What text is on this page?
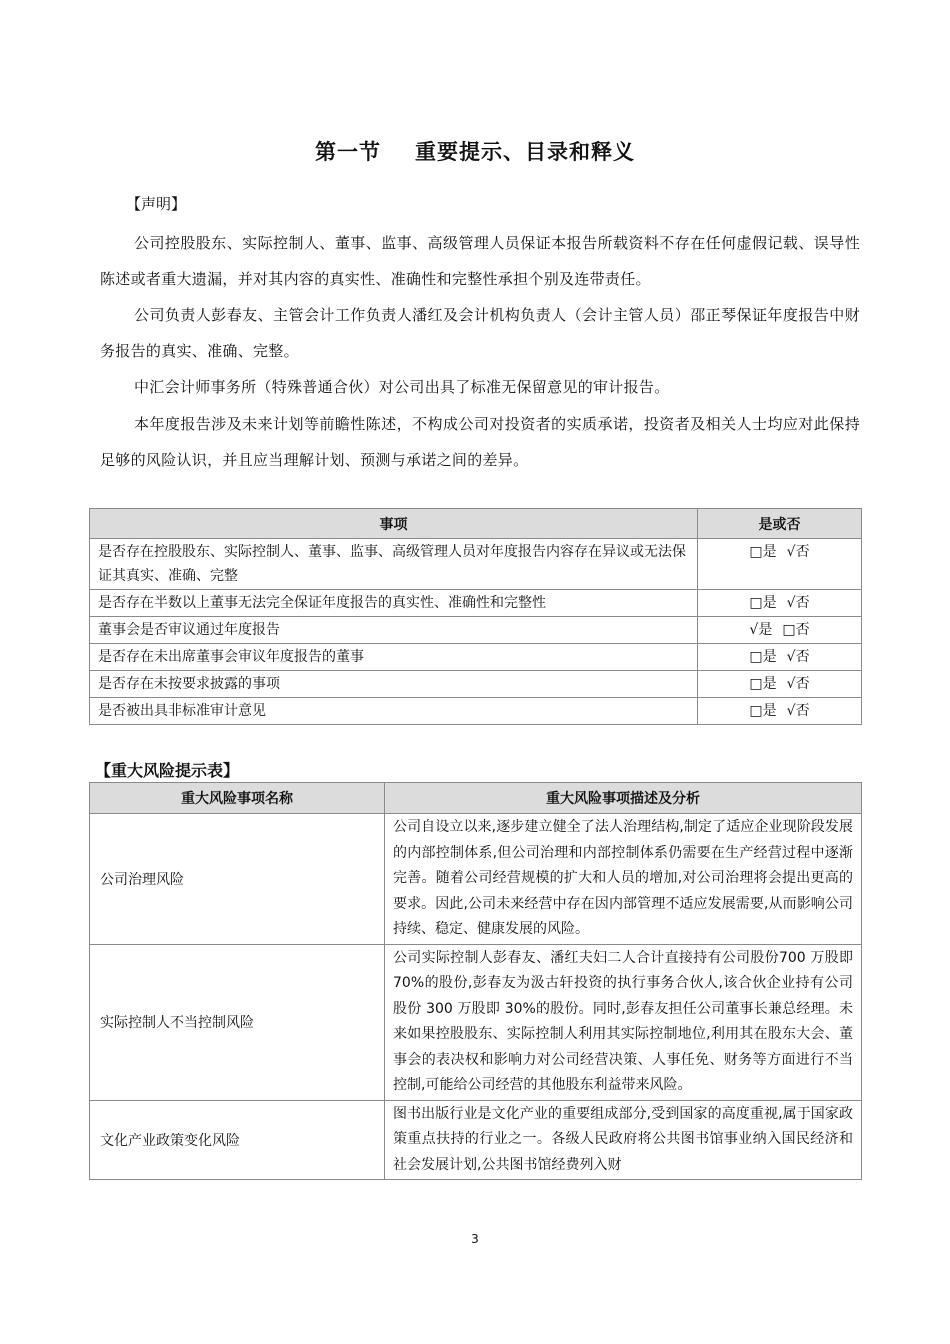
第一节 重要提示、目录和释义
【声明】
公司控股股东、实际控制人、董事、监事、高级管理人员保证本报告所载资料不存在任何虚假记载、误导性陈述或者重大遗漏，并对其内容的真实性、准确性和完整性承担个别及连带责任。
公司负责人彭春友、主管会计工作负责人潘红及会计机构负责人（会计主管人员）邵正琴保证年度报告中财务报告的真实、准确、完整。
中汇会计师事务所（特殊普通合伙）对公司出具了标准无保留意见的审计报告。
本年度报告涉及未来计划等前瞻性陈述，不构成公司对投资者的实质承诺，投资者及相关人士均应对此保持足够的风险认识，并且应当理解计划、预测与承诺之间的差异。
事项	是或否
是否存在控股股东、实际控制人、董事、监事、高级管理人员对年度报告内容存在异议或无法保证其真实、准确、完整	□是 √否
是否存在半数以上董事无法完全保证年度报告的真实性、准确性和完整性	□是 √否
董事会是否审议通过年度报告	√是 □否
是否存在未出席董事会审议年度报告的董事	□是 √否
是否存在未按要求披露的事项	□是 √否
是否被出具非标准审计意见	□是 √否
【重大风险提示表】
重大风险事项名称	重大风险事项描述及分析
公司治理风险	公司自设立以来,逐步建立健全了法人治理结构,制定了适应企业现阶段发展的内部控制体系,但公司治理和内部控制体系仍需要在生产经营过程中逐渐完善。随着公司经营规模的扩大和人员的增加,对公司治理将会提出更高的要求。因此,公司未来经营中存在因内部管理不适应发展需要,从而影响公司持续、稳定、健康发展的风险。
实际控制人不当控制风险	公司实际控制人彭春友、潘红夫妇二人合计直接持有公司股份700 万股即 70%的股份,彭春友为汲古轩投资的执行事务合伙人,该合伙企业持有公司股份 300 万股即 30%的股份。同时,彭春友担任公司董事长兼总经理。未来如果控股股东、实际控制人利用其实际控制地位,利用其在股东大会、董事会的表决权和影响力对公司经营决策、人事任免、财务等方面进行不当控制,可能给公司经营的其他股东利益带来风险。
文化产业政策变化风险	图书出版行业是文化产业的重要组成部分,受到国家的高度重视,属于国家政策重点扶持的行业之一。各级人民政府将公共图书馆事业纳入国民经济和社会发展计划,公共图书馆经费列入财
3
